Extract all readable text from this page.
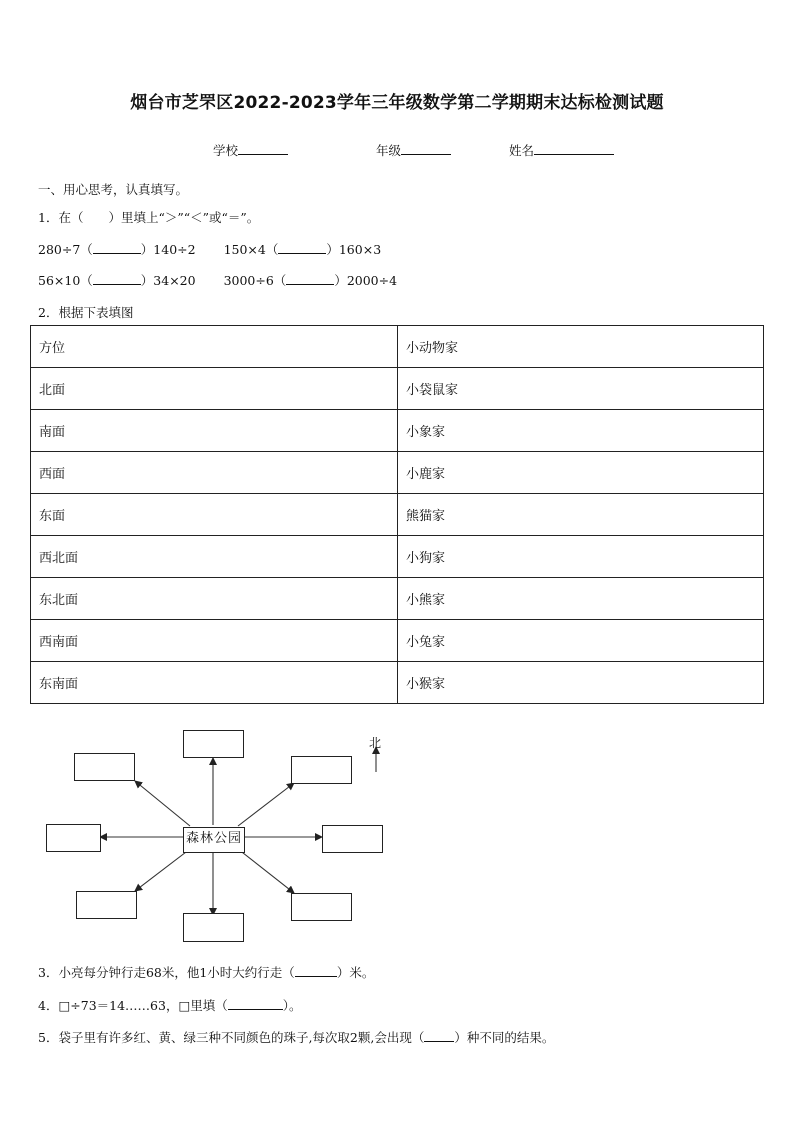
烟台市芝罘区2022-2023学年三年级数学第二学期期末达标检测试题
学校	年级	姓名
一、用心思考，认真填写。
1．在（　　）里填上“＞”“＜”或“＝”。
280÷7（	）140÷2 150×4（	）160×3
56×10（	）34×20 3000÷6（	）2000÷4
2．根据下表填图
方位	小动物家
北面	小袋鼠家
南面	小象家
西面	小鹿家
东面	熊猫家
西北面	小狗家
东北面	小熊家
西南面	小兔家
东南面	小猴家
森林公园
北
3．小亮每分钟行走68米，他1小时大约行走（	）米。
4．□÷73＝14……63，□里填（	）。
5．袋子里有许多红、黄、绿三种不同颜色的珠子,每次取2颗,会出现（ ）种不同的结果。
